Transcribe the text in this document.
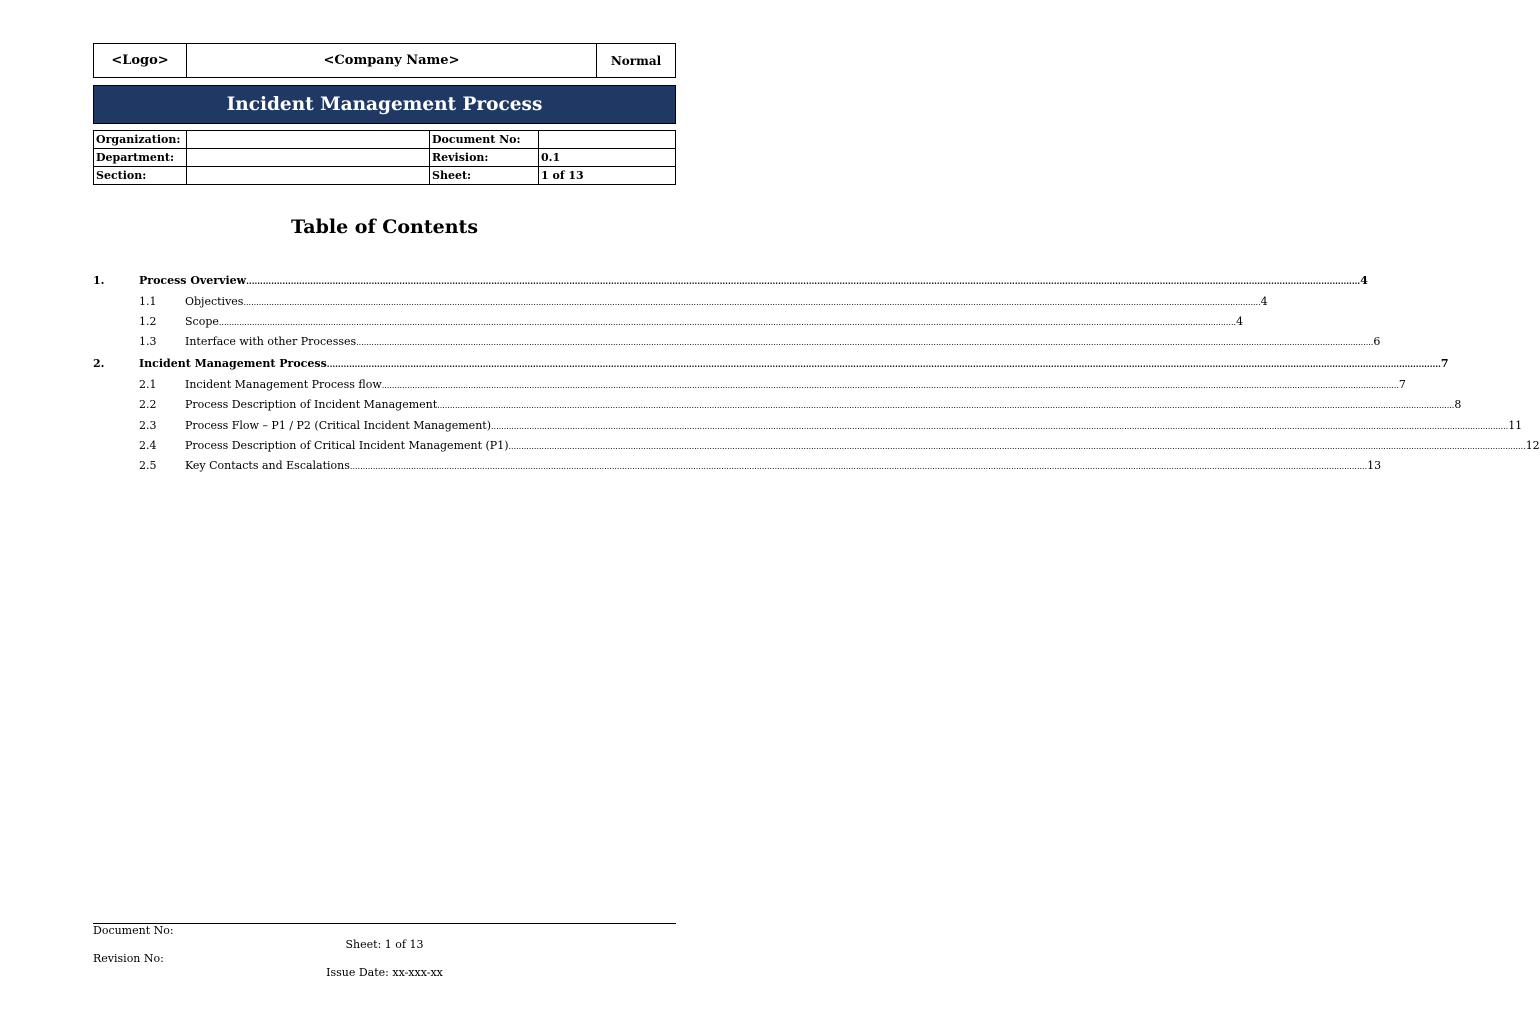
<Logo>	<Company Name>	Normal
Incident Management Process
Organization:		Document No:	
Department:		Revision:	0.1
Section:		Sheet:	1 of 13
Table of Contents
1.	Process Overview ................................................................................................................................................................................................................................................................................................................................................................................................................ 4
1.1	Objectives ................................................................................................................................................................................................................................................................................................................................................................................................................ 4
1.2	Scope ................................................................................................................................................................................................................................................................................................................................................................................................................ 4
1.3	Interface with other Processes ................................................................................................................................................................................................................................................................................................................................................................................................................ 6
2.	Incident Management Process ................................................................................................................................................................................................................................................................................................................................................................................................................ 7
2.1	Incident Management Process flow ................................................................................................................................................................................................................................................................................................................................................................................................................ 7
2.2	Process Description of Incident Management ................................................................................................................................................................................................................................................................................................................................................................................................................ 8
2.3	Process Flow – P1 / P2 (Critical Incident Management) ................................................................................................................................................................................................................................................................................................................................................................................................................ 11
2.4	Process Description of Critical Incident Management (P1) ................................................................................................................................................................................................................................................................................................................................................................................................................ 12
2.5	Key Contacts and Escalations ................................................................................................................................................................................................................................................................................................................................................................................................................ 13
Document No:
Sheet: 1 of 13
Revision No:
Issue Date: xx-xxx-xx
